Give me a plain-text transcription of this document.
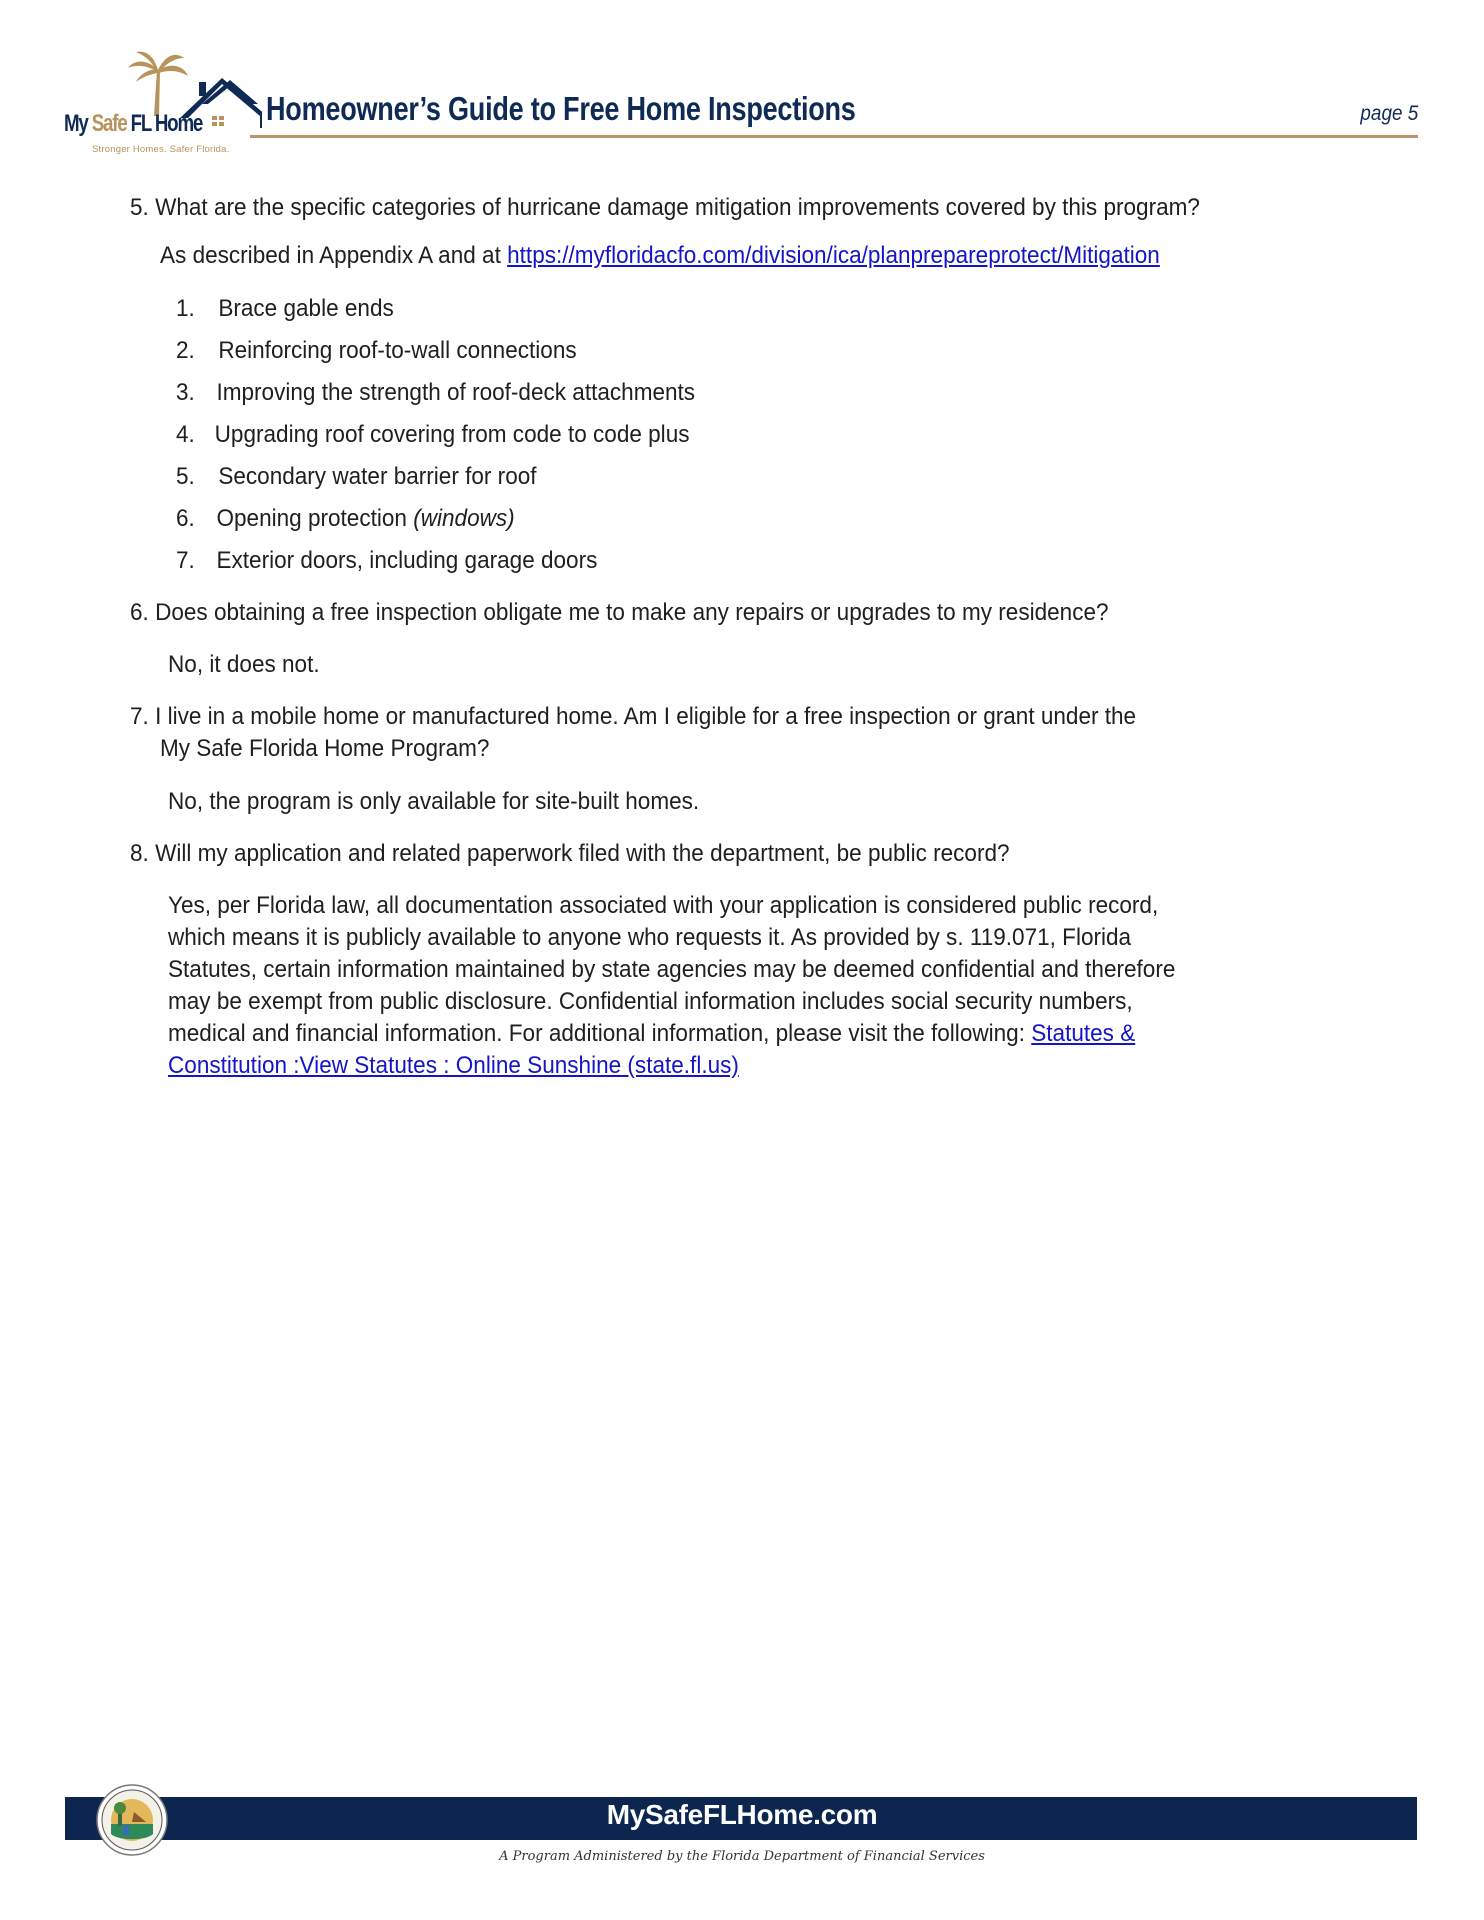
My Safe FL Home
Stronger Homes. Safer Florida.
Homeowner’s Guide to Free Home Inspections	page 5
5. What are the specific categories of hurricane damage mitigation improvements covered by this program?
As described in Appendix A and at https://myfloridacfo.com/division/ica/planprepareprotect/Mitigation
1. Brace gable ends
2. Reinforcing roof-to-wall connections
3. Improving the strength of roof-deck attachments
4. Upgrading roof covering from code to code plus
5. Secondary water barrier for roof
6. Opening protection (windows)
7. Exterior doors, including garage doors
6. Does obtaining a free inspection obligate me to make any repairs or upgrades to my residence?
No, it does not.
7. I live in a mobile home or manufactured home. Am I eligible for a free inspection or grant under the
My Safe Florida Home Program?
No, the program is only available for site-built homes.
8. Will my application and related paperwork filed with the department, be public record?
Yes, per Florida law, all documentation associated with your application is considered public record,
which means it is publicly available to anyone who requests it. As provided by s. 119.071, Florida
Statutes, certain information maintained by state agencies may be deemed confidential and therefore
may be exempt from public disclosure. Confidential information includes social security numbers,
medical and financial information. For additional information, please visit the following: Statutes &
Constitution :View Statutes : Online Sunshine (state.fl.us)
MySafeFLHome.com
A Program Administered by the Florida Department of Financial Services
